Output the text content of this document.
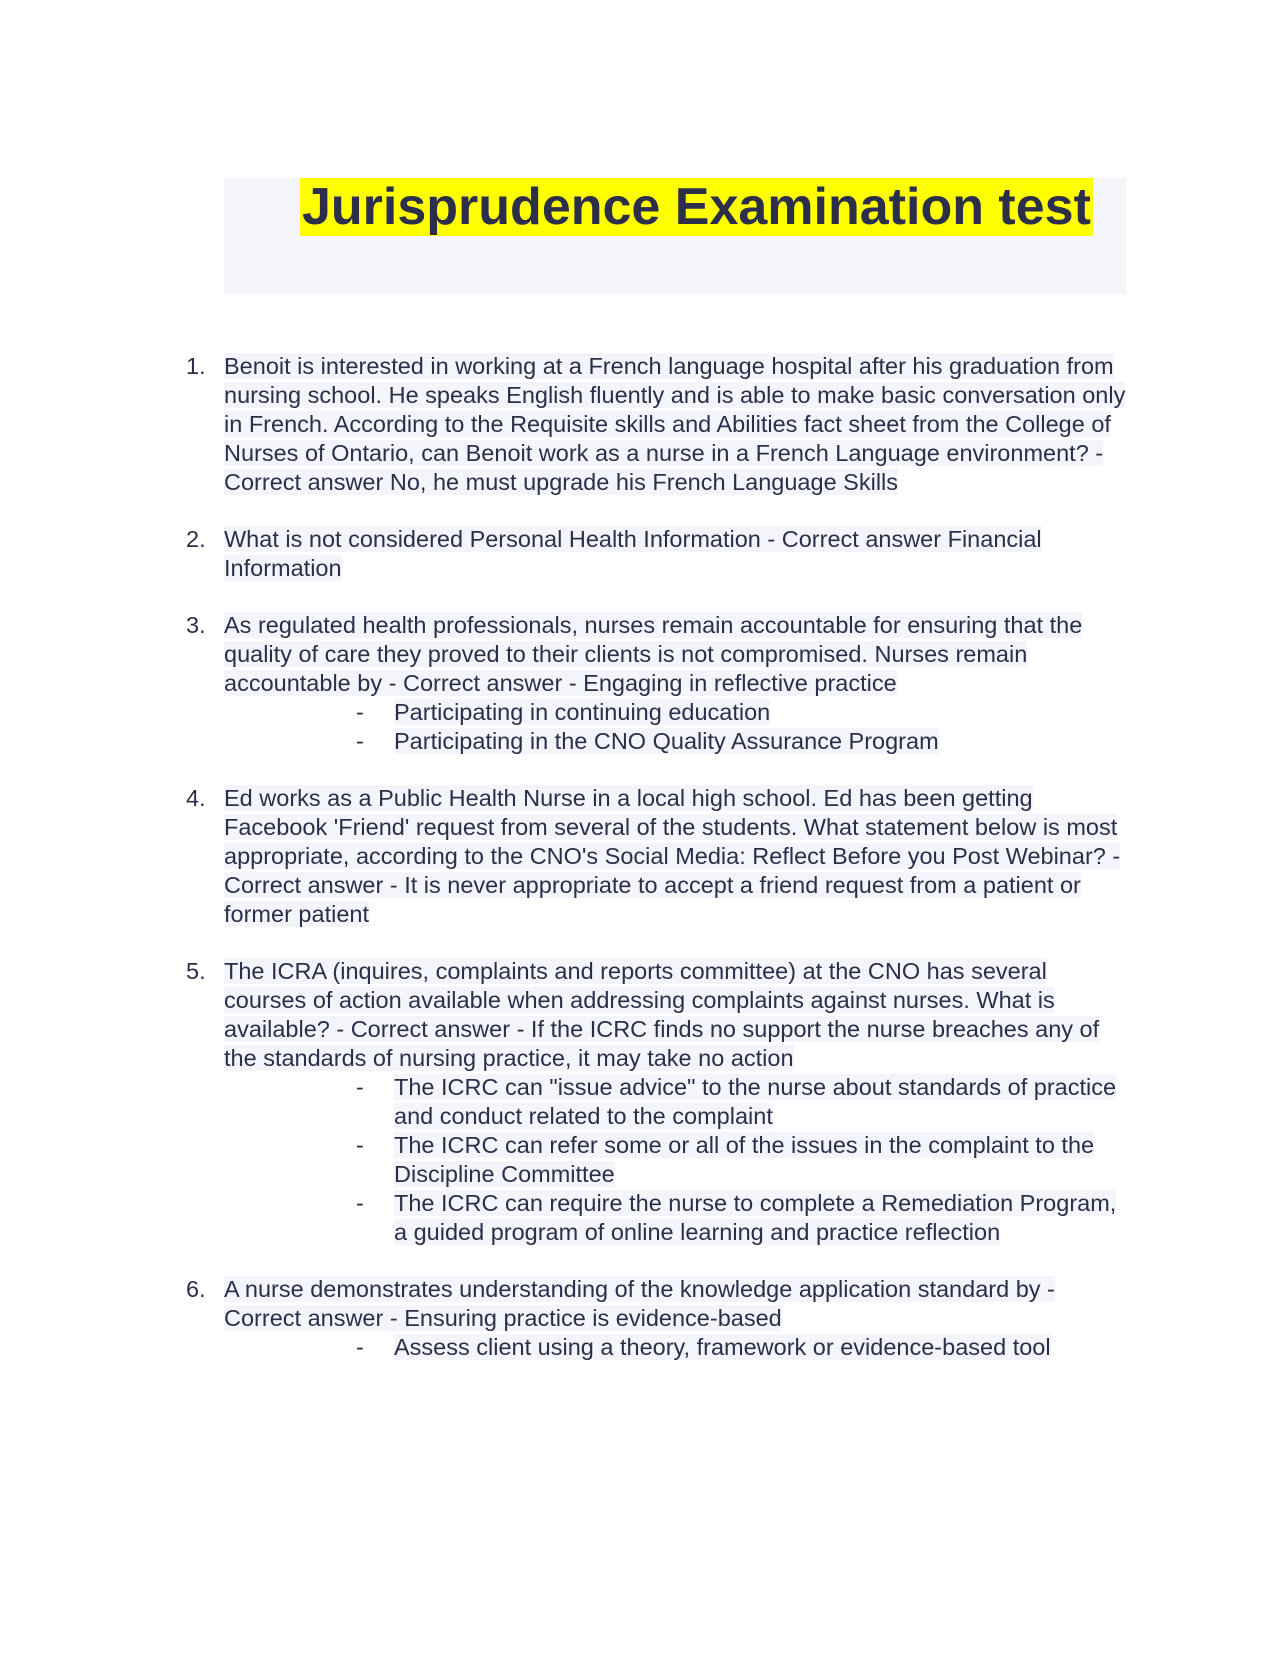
Jurisprudence Examination test
1. Benoit is interested in working at a French language hospital after his graduation from nursing school. He speaks English fluently and is able to make basic conversation only in French. According to the Requisite skills and Abilities fact sheet from the College of Nurses of Ontario, can Benoit work as a nurse in a French Language environment? - Correct answer No, he must upgrade his French Language Skills
2. What is not considered Personal Health Information - Correct answer Financial Information
3. As regulated health professionals, nurses remain accountable for ensuring that the quality of care they proved to their clients is not compromised. Nurses remain accountable by - Correct answer - Engaging in reflective practice
- Participating in continuing education
- Participating in the CNO Quality Assurance Program
4. Ed works as a Public Health Nurse in a local high school. Ed has been getting Facebook 'Friend' request from several of the students. What statement below is most appropriate, according to the CNO's Social Media: Reflect Before you Post Webinar? - Correct answer - It is never appropriate to accept a friend request from a patient or former patient
5. The ICRA (inquires, complaints and reports committee) at the CNO has several courses of action available when addressing complaints against nurses. What is available? - Correct answer - If the ICRC finds no support the nurse breaches any of the standards of nursing practice, it may take no action
- The ICRC can "issue advice" to the nurse about standards of practice and conduct related to the complaint
- The ICRC can refer some or all of the issues in the complaint to the Discipline Committee
- The ICRC can require the nurse to complete a Remediation Program, a guided program of online learning and practice reflection
6. A nurse demonstrates understanding of the knowledge application standard by - Correct answer - Ensuring practice is evidence-based
- Assess client using a theory, framework or evidence-based tool
